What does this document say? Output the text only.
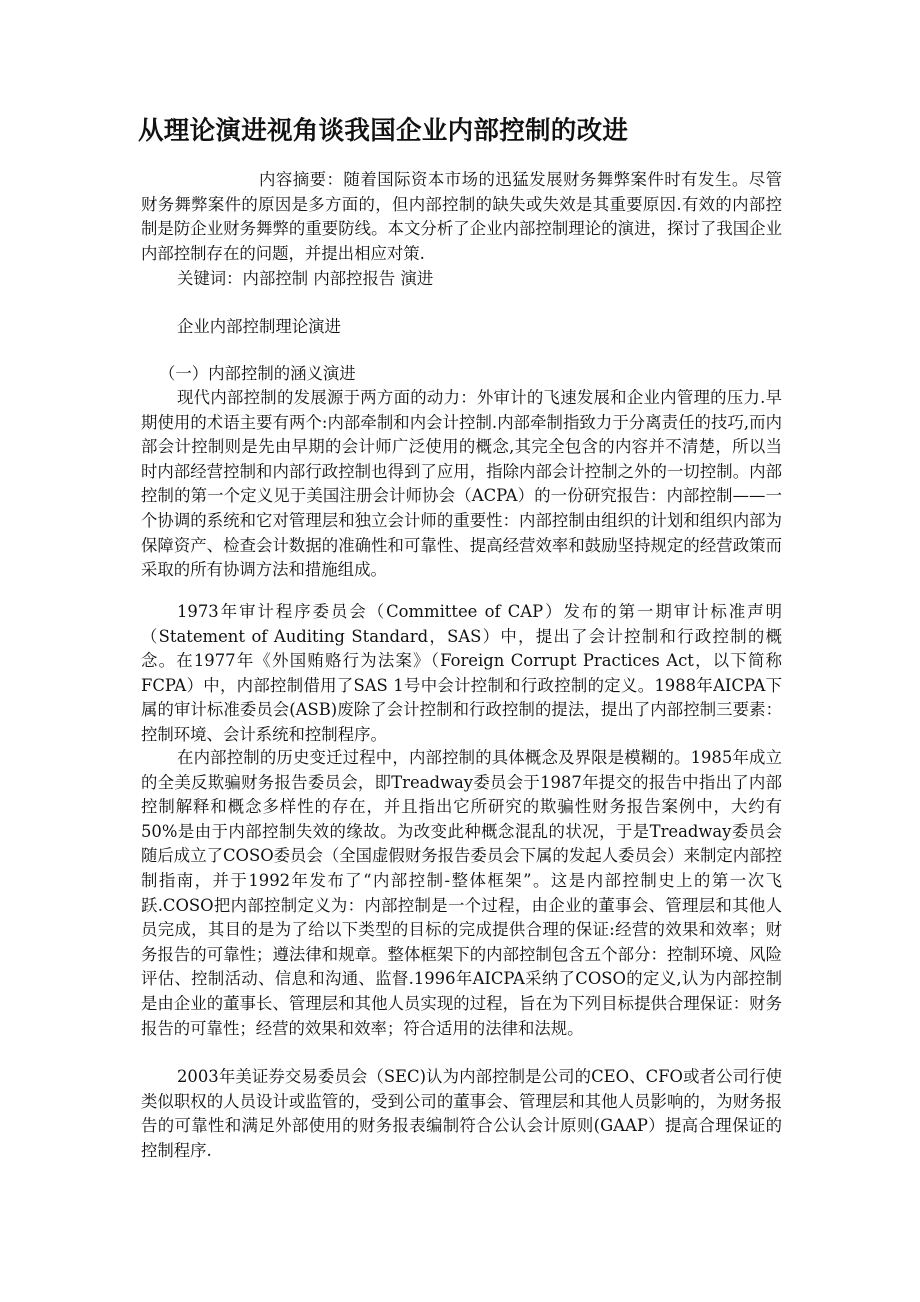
从理论演进视角谈我国企业内部控制的改进

内容摘要：随着国际资本市场的迅猛发展财务舞弊案件时有发生。尽管财务舞弊案件的原因是多方面的，但内部控制的缺失或失效是其重要原因.有效的内部控制是防企业财务舞弊的重要防线。本文分析了企业内部控制理论的演进，探讨了我国企业内部控制存在的问题，并提出相应对策.

关键词：内部控制 内部控报告 演进

企业内部控制理论演进

（一）内部控制的涵义演进

现代内部控制的发展源于两方面的动力：外审计的飞速发展和企业内管理的压力.早期使用的术语主要有两个:内部牵制和内会计控制.内部牵制指致力于分离责任的技巧,而内部会计控制则是先由早期的会计师广泛使用的概念,其完全包含的内容并不清楚，所以当时内部经营控制和内部行政控制也得到了应用，指除内部会计控制之外的一切控制。内部控制的第一个定义见于美国注册会计师协会（ACPA）的一份研究报告：内部控制——一个协调的系统和它对管理层和独立会计师的重要性：内部控制由组织的计划和组织内部为保障资产、检查会计数据的准确性和可靠性、提高经营效率和鼓励坚持规定的经营政策而采取的所有协调方法和措施组成。

1973年审计程序委员会（Committee of CAP）发布的第一期审计标准声明（Statement of Auditing Standard，SAS）中，提出了会计控制和行政控制的概念。在1977年《外国贿赂行为法案》（Foreign Corrupt Practices Act，以下简称FCPA）中，内部控制借用了SAS 1号中会计控制和行政控制的定义。1988年AICPA下属的审计标准委员会(ASB)废除了会计控制和行政控制的提法，提出了内部控制三要素：控制环境、会计系统和控制程序。

在内部控制的历史变迁过程中，内部控制的具体概念及界限是模糊的。1985年成立的全美反欺骗财务报告委员会，即Treadway委员会于1987年提交的报告中指出了内部控制解释和概念多样性的存在，并且指出它所研究的欺骗性财务报告案例中，大约有50%是由于内部控制失效的缘故。为改变此种概念混乱的状况，于是Treadway委员会随后成立了COSO委员会（全国虚假财务报告委员会下属的发起人委员会）来制定内部控制指南，并于1992年发布了“内部控制-整体框架”。这是内部控制史上的第一次飞跃.COSO把内部控制定义为：内部控制是一个过程，由企业的董事会、管理层和其他人员完成，其目的是为了给以下类型的目标的完成提供合理的保证:经营的效果和效率；财务报告的可靠性；遵法律和规章。整体框架下的内部控制包含五个部分：控制环境、风险评估、控制活动、信息和沟通、监督.1996年AICPA采纳了COSO的定义,认为内部控制是由企业的董事长、管理层和其他人员实现的过程，旨在为下列目标提供合理保证：财务报告的可靠性；经营的效果和效率；符合适用的法律和法规。

2003年美证券交易委员会（SEC)认为内部控制是公司的CEO、CFO或者公司行使类似职权的人员设计或监管的，受到公司的董事会、管理层和其他人员影响的，为财务报告的可靠性和满足外部使用的财务报表编制符合公认会计原则(GAAP）提高合理保证的控制程序.
